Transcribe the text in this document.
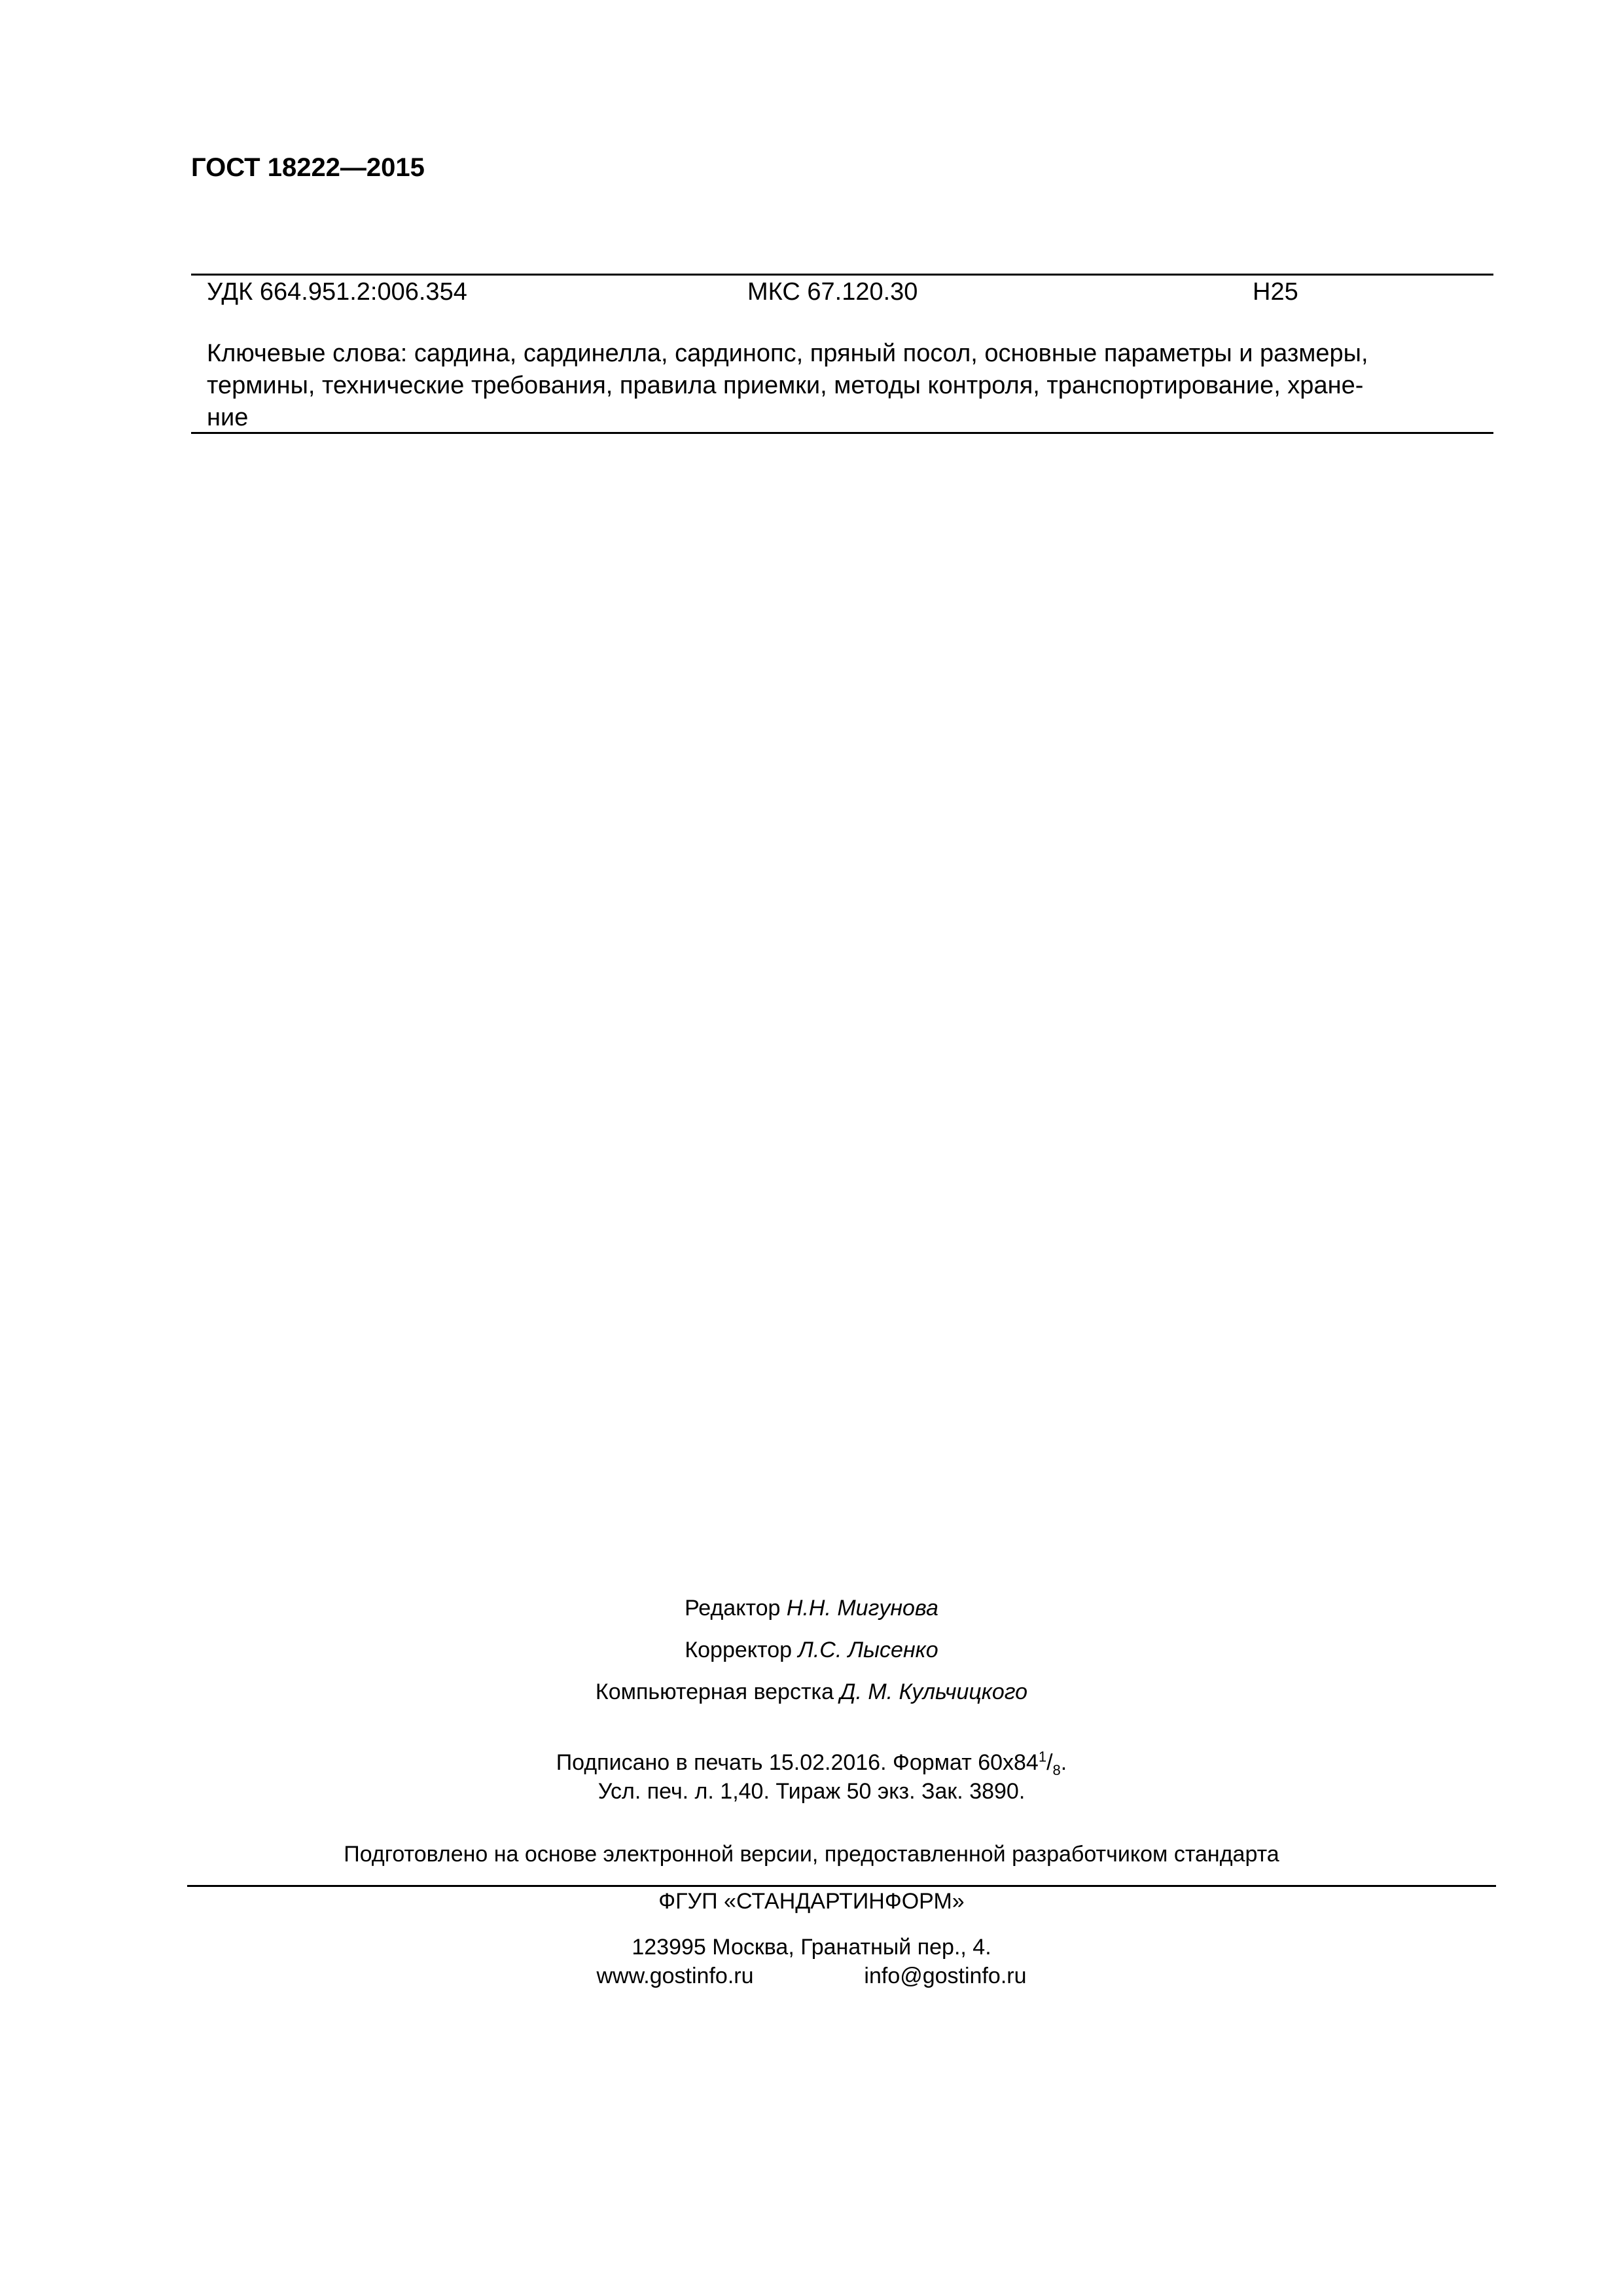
ГОСТ 18222—2015
УДК 664.951.2:006.354	МКС 67.120.30	Н25
Ключевые слова: сардина, сардинелла, сардинопс, пряный посол, основные параметры и размеры,
термины, технические требования, правила приемки, методы контроля, транспортирование, хране-
ние
Редактор Н.Н. Мигунова
Корректор Л.С. Лысенко
Компьютерная верстка Д. М. Кульчицкого
Подписано в печать 15.02.2016. Формат $60х84^1/_8$.
Усл. печ. л. 1,40. Тираж 50 экз. Зак. 3890.
Подготовлено на основе электронной версии, предоставленной разработчиком стандарта
ФГУП «СТАНДАРТИНФОРМ»
123995 Москва, Гранатный пер., 4.
www.gostinfo.ru	info@gostinfo.ru
